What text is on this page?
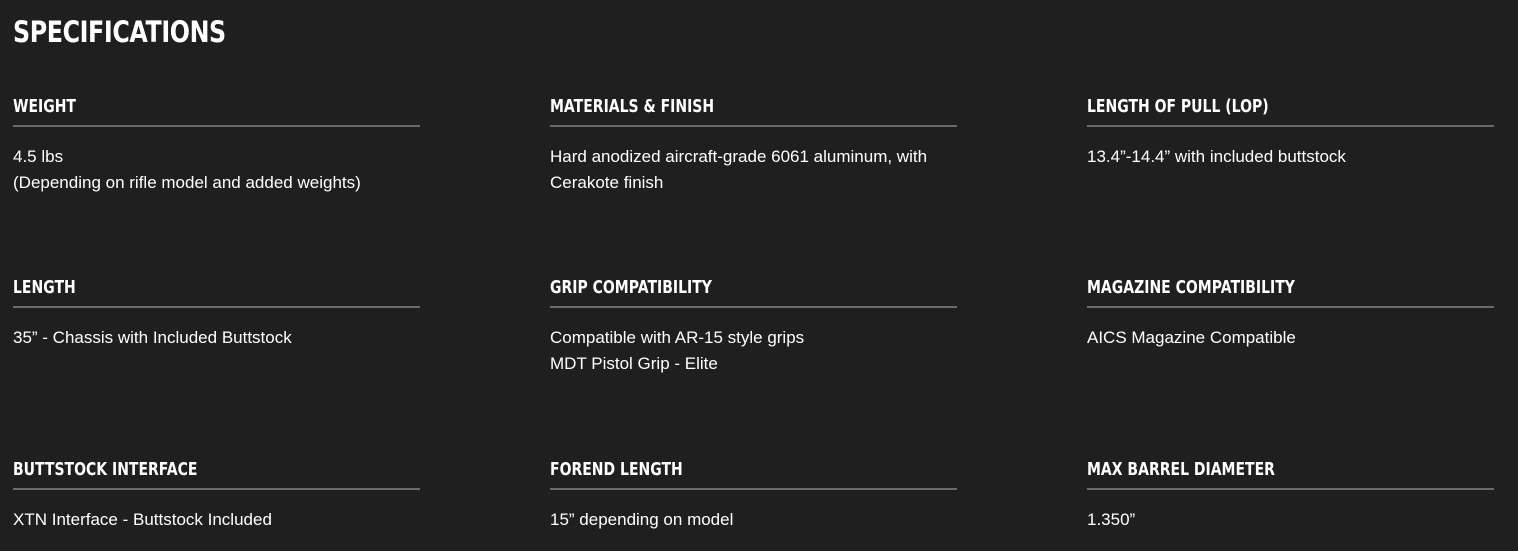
SPECIFICATIONS
WEIGHT
4.5 lbs
(Depending on rifle model and added weights)
MATERIALS & FINISH
Hard anodized aircraft-grade 6061 aluminum, with
Cerakote finish
LENGTH OF PULL (LOP)
13.4”-14.4” with included buttstock
LENGTH
35” - Chassis with Included Buttstock
GRIP COMPATIBILITY
Compatible with AR-15 style grips
MDT Pistol Grip - Elite
MAGAZINE COMPATIBILITY
AICS Magazine Compatible
BUTTSTOCK INTERFACE
XTN Interface - Buttstock Included
FOREND LENGTH
15” depending on model
MAX BARREL DIAMETER
1.350”
